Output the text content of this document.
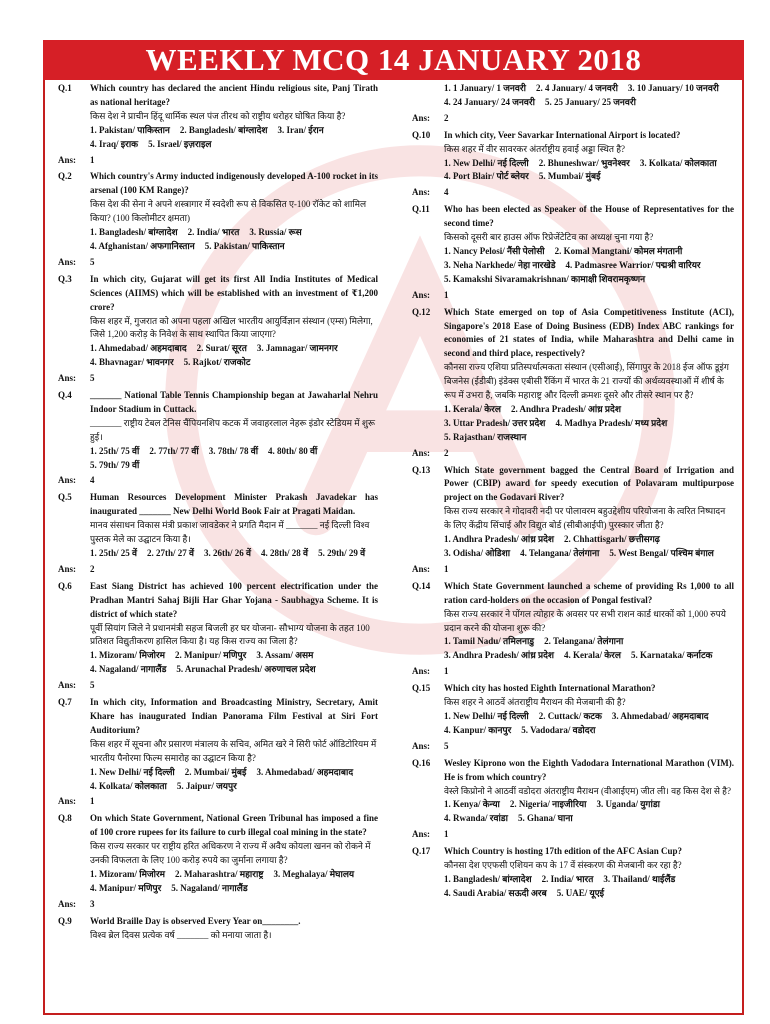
WEEKLY MCQ 14 JANUARY 2018
Q.1	Which country has declared the ancient Hindu religious site, Panj Tirath as national heritage?
किस देश ने प्राचीन हिंदू धार्मिक स्थल पंज तीरथ को राष्ट्रीय धरोहर घोषित किया है?
1. Pakistan/ पाकिस्तान 2. Bangladesh/ बांग्लादेश 3. Iran/ ईरान
4. Iraq/ इराक 5. Israel/ इज़राइल
Ans:	1
Q.2	Which country's Army inducted indigenously developed A-100 rocket in its arsenal (100 KM Range)?
किस देश की सेना ने अपने शस्त्रागार में स्वदेशी रूप से विकसित ए-100 रॉकेट को शामिल किया? (100 किलोमीटर क्षमता)
1. Bangladesh/ बांग्लादेश 2. India/ भारत 3. Russia/ रूस
4. Afghanistan/ अफगानिस्तान 5. Pakistan/ पाकिस्तान
Ans:	5
Q.3	In which city, Gujarat will get its first All India Institutes of Medical Sciences (AIIMS) which will be established with an investment of ₹1,200 crore?
किस शहर में, गुजरात को अपना पहला अखिल भारतीय आयुर्विज्ञान संस्थान (एम्स) मिलेगा, जिसे 1,200 करोड़ के निवेश के साथ स्थापित किया जाएगा?
1. Ahmedabad/ अहमदाबाद 2. Surat/ सूरत 3. Jamnagar/ जामनगर
4. Bhavnagar/ भावनगर 5. Rajkot/ राजकोट
Ans:	5
Q.4	_______ National Table Tennis Championship began at Jawaharlal Nehru Indoor Stadium in Cuttack.
_______ राष्ट्रीय टेबल टेनिस चैंपियनशिप कटक में जवाहरलाल नेहरू इंडोर स्टेडियम में शुरू हुई।
1. 25th/ 75 वीं 2. 77th/ 77 वीं 3. 78th/ 78 वीं 4. 80th/ 80 वीं
5. 79th/ 79 वीं
Ans:	4
Q.5	Human Resources Development Minister Prakash Javadekar has inaugurated _______ New Delhi World Book Fair at Pragati Maidan.
मानव संसाधन विकास मंत्री प्रकाश जावडेकर ने प्रगति मैदान में _______ नई दिल्ली विश्व पुस्तक मेले का उद्घाटन किया है।
1. 25th/ 25 वें 2. 27th/ 27 वें 3. 26th/ 26 वें 4. 28th/ 28 वें 5. 29th/ 29 वें
Ans:	2
Q.6	East Siang District has achieved 100 percent electrification under the Pradhan Mantri Sahaj Bijli Har Ghar Yojana - Saubhagya Scheme. It is district of which state?
पूर्वी सियांग जिले ने प्रधानमंत्री सहज बिजली हर घर योजना- सौभाग्य योजना के तहत 100 प्रतिशत विद्युतीकरण हासिल किया है। यह किस राज्य का जिला है?
1. Mizoram/ मिजोरम 2. Manipur/ मणिपुर 3. Assam/ असम
4. Nagaland/ नागालैंड 5. Arunachal Pradesh/ अरुणाचल प्रदेश
Ans:	5
Q.7	In which city, Information and Broadcasting Ministry, Secretary, Amit Khare has inaugurated Indian Panorama Film Festival at Siri Fort Auditorium?
किस शहर में सूचना और प्रसारण मंत्रालय के सचिव, अमित खरे ने सिरी फोर्ट ऑडिटोरियम में भारतीय पैनोरमा फिल्म समारोह का उद्घाटन किया है?
1. New Delhi/ नई दिल्ली 2. Mumbai/ मुंबई 3. Ahmedabad/ अहमदाबाद
4. Kolkata/ कोलकाता 5. Jaipur/ जयपुर
Ans:	1
Q.8	On which State Government, National Green Tribunal has imposed a fine of 100 crore rupees for its failure to curb illegal coal mining in the state?
किस राज्य सरकार पर राष्ट्रीय हरित अधिकरण ने राज्य में अवैध कोयला खनन को रोकने में उनकी विफलता के लिए 100 करोड़ रुपये का जुर्माना लगाया है?
1. Mizoram/ मिजोरम 2. Maharashtra/ महाराष्ट्र 3. Meghalaya/ मेघालय
4. Manipur/ मणिपुर 5. Nagaland/ नागालैंड
Ans:	3
Q.9	World Braille Day is observed Every Year on________.
विश्व ब्रेल दिवस प्रत्येक वर्ष _______ को मनाया जाता है।
1. 1 January/ 1 जनवरी 2. 4 January/ 4 जनवरी 3. 10 January/ 10 जनवरी
4. 24 January/ 24 जनवरी 5. 25 January/ 25 जनवरी
Ans:	2
Q.10	In which city, Veer Savarkar International Airport is located?
किस शहर में वीर सावरकर अंतर्राष्ट्रीय हवाई अड्डा स्थित है?
1. New Delhi/ नई दिल्ली 2. Bhuneshwar/ भुवनेश्वर 3. Kolkata/ कोलकाता
4. Port Blair/ पोर्ट ब्लेयर 5. Mumbai/ मुंबई
Ans:	4
Q.11	Who has been elected as Speaker of the House of Representatives for the second time?
किसको दूसरी बार हाउस ऑफ रिप्रेजेंटेटिव का अध्यक्ष चुना गया है?
1. Nancy Pelosi/ नैंसी पेलोसी 2. Komal Mangtani/ कोमल मंगतानी
3. Neha Narkhede/ नेहा नारखेडे 4. Padmasree Warrior/ पद्मश्री वारियर
5. Kamakshi Sivaramakrishnan/ कामाक्षी शिवरामकृष्णन
Ans:	1
Q.12	Which State emerged on top of Asia Competitiveness Institute (ACI), Singapore's 2018 Ease of Doing Business (EDB) Index ABC rankings for economies of 21 states of India, while Maharashtra and Delhi came in second and third place, respectively?
कौनसा राज्य एशिया प्रतिस्पर्धात्मकता संस्थान (एसीआई), सिंगापुर के 2018 ईज ऑफ डूइंग बिजनेस (ईडीबी) इंडेक्स एबीसी रैंकिंग में भारत के 21 राज्यों की अर्थव्यवस्थाओं में शीर्ष के रूप में उभरा है, जबकि महाराष्ट्र और दिल्ली क्रमशः दूसरे और तीसरे स्थान पर है?
1. Kerala/ केरल 2. Andhra Pradesh/ आंध्र प्रदेश
3. Uttar Pradesh/ उत्तर प्रदेश 4. Madhya Pradesh/ मध्य प्रदेश
5. Rajasthan/ राजस्थान
Ans:	2
Q.13	Which State government bagged the Central Board of Irrigation and Power (CBIP) award for speedy execution of Polavaram multipurpose project on the Godavari River?
किस राज्य सरकार ने गोदावरी नदी पर पोलावरम बहुउद्देशीय परियोजना के त्वरित निष्पादन के लिए केंद्रीय सिंचाई और विद्युत बोर्ड (सीबीआईपी) पुरस्कार जीता है?
1. Andhra Pradesh/ आंध्र प्रदेश 2. Chhattisgarh/ छत्तीसगढ़
3. Odisha/ ओडिशा 4. Telangana/ तेलंगाना 5. West Bengal/ पश्चिम बंगाल
Ans:	1
Q.14	Which State Government launched a scheme of providing Rs 1,000 to all ration card-holders on the occasion of Pongal festival?
किस राज्य सरकार ने पोंगल त्योहार के अवसर पर सभी राशन कार्ड धारकों को 1,000 रुपये प्रदान करने की योजना शुरू की?
1. Tamil Nadu/ तमिलनाडु 2. Telangana/ तेलंगाना
3. Andhra Pradesh/ आंध्र प्रदेश 4. Kerala/ केरल 5. Karnataka/ कर्नाटक
Ans:	1
Q.15	Which city has hosted Eighth International Marathon?
किस शहर ने आठवें अंतराष्ट्रीय मैराथन की मेजबानी की है?
1. New Delhi/ नई दिल्ली 2. Cuttack/ कटक 3. Ahmedabad/ अहमदाबाद
4. Kanpur/ कानपुर 5. Vadodara/ वडोदरा
Ans:	5
Q.16	Wesley Kiprono won the Eighth Vadodara International Marathon (VIM). He is from which country?
वेस्ले किप्रोनो ने आठवीं वडोदरा अंतराष्ट्रीय मैराथन (वीआईएम) जीत ली। वह किस देश से है?
1. Kenya/ केन्या 2. Nigeria/ नाइजीरिया 3. Uganda/ युगांडा
4. Rwanda/ रवांडा 5. Ghana/ घाना
Ans:	1
Q.17	Which Country is hosting 17th edition of the AFC Asian Cup?
कौनसा देश एएफसी एशियन कप के 17 वें संस्करण की मेजबानी कर रहा है?
1. Bangladesh/ बांग्लादेश 2. India/ भारत 3. Thailand/ थाईलैंड
4. Saudi Arabia/ सऊदी अरब 5. UAE/ यूएई
